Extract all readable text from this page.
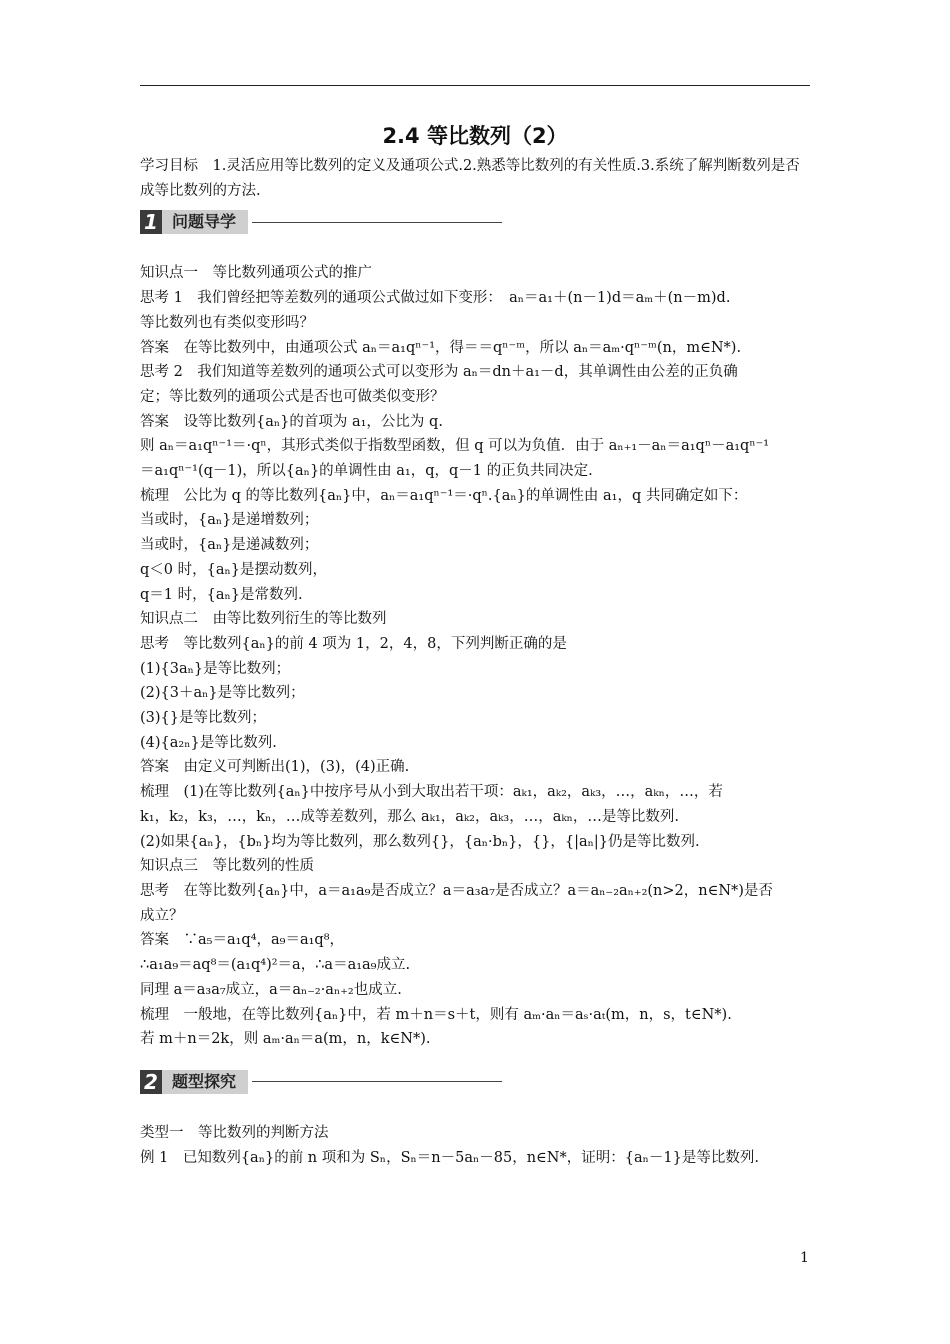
2.4 等比数列（2）

学习目标　1.灵活应用等比数列的定义及通项公式.2.熟悉等比数列的有关性质.3.系统了解判断数列是否成等比数列的方法.

1 问题导学

知识点一　等比数列通项公式的推广

思考 1　我们曾经把等差数列的通项公式做过如下变形：　aₙ＝a₁＋(n－1)d＝aₘ＋(n－m)d.

等比数列也有类似变形吗？

答案　在等比数列中，由通项公式 aₙ＝a₁qⁿ⁻¹，得＝＝qⁿ⁻ᵐ，所以 aₙ＝aₘ·qⁿ⁻ᵐ(n，m∈N*).

思考 2　我们知道等差数列的通项公式可以变形为 aₙ＝dn＋a₁－d，其单调性由公差的正负确

定；等比数列的通项公式是否也可做类似变形？

答案　设等比数列{aₙ}的首项为 a₁，公比为 q.

则 aₙ＝a₁qⁿ⁻¹＝·qⁿ，其形式类似于指数型函数，但 q 可以为负值．由于 aₙ₊₁－aₙ＝a₁qⁿ－a₁qⁿ⁻¹

＝a₁qⁿ⁻¹(q－1)，所以{aₙ}的单调性由 a₁，q，q－1 的正负共同决定.

梳理　公比为 q 的等比数列{aₙ}中，aₙ＝a₁qⁿ⁻¹＝·qⁿ.{aₙ}的单调性由 a₁，q 共同确定如下：

当或时，{aₙ}是递增数列；

当或时，{aₙ}是递减数列；

q＜0 时，{aₙ}是摆动数列，

q＝1 时，{aₙ}是常数列.

知识点二　由等比数列衍生的等比数列

思考　等比数列{aₙ}的前 4 项为 1，2，4，8，下列判断正确的是

(1){3aₙ}是等比数列；

(2){3＋aₙ}是等比数列；

(3){}是等比数列；

(4){a₂ₙ}是等比数列.

答案　由定义可判断出(1)，(3)，(4)正确.

梳理　(1)在等比数列{aₙ}中按序号从小到大取出若干项：aₖ₁，aₖ₂，aₖ₃，…，aₖₙ，…，若

k₁，k₂，k₃，…，kₙ，…成等差数列，那么 aₖ₁，aₖ₂，aₖ₃，…，aₖₙ，…是等比数列.

(2)如果{aₙ}，{bₙ}均为等比数列，那么数列{}，{aₙ·bₙ}，{}，{|aₙ|}仍是等比数列.

知识点三　等比数列的性质

思考　在等比数列{aₙ}中，a＝a₁a₉是否成立？a＝a₃a₇是否成立？a＝aₙ₋₂aₙ₊₂(n>2，n∈N*)是否

成立？

答案　∵a₅＝a₁q⁴，a₉＝a₁q⁸，

∴a₁a₉＝aq⁸＝(a₁q⁴)²＝a，∴a＝a₁a₉成立.

同理 a＝a₃a₇成立，a＝aₙ₋₂·aₙ₊₂也成立.

梳理　一般地，在等比数列{aₙ}中，若 m＋n＝s＋t，则有 aₘ·aₙ＝aₛ·aₜ(m，n，s，t∈N*).

若 m＋n＝2k，则 aₘ·aₙ＝a(m，n，k∈N*).

2 题型探究

类型一　等比数列的判断方法

例 1　已知数列{aₙ}的前 n 项和为 Sₙ，Sₙ＝n－5aₙ－85，n∈N*，证明：{aₙ－1}是等比数列.

1
